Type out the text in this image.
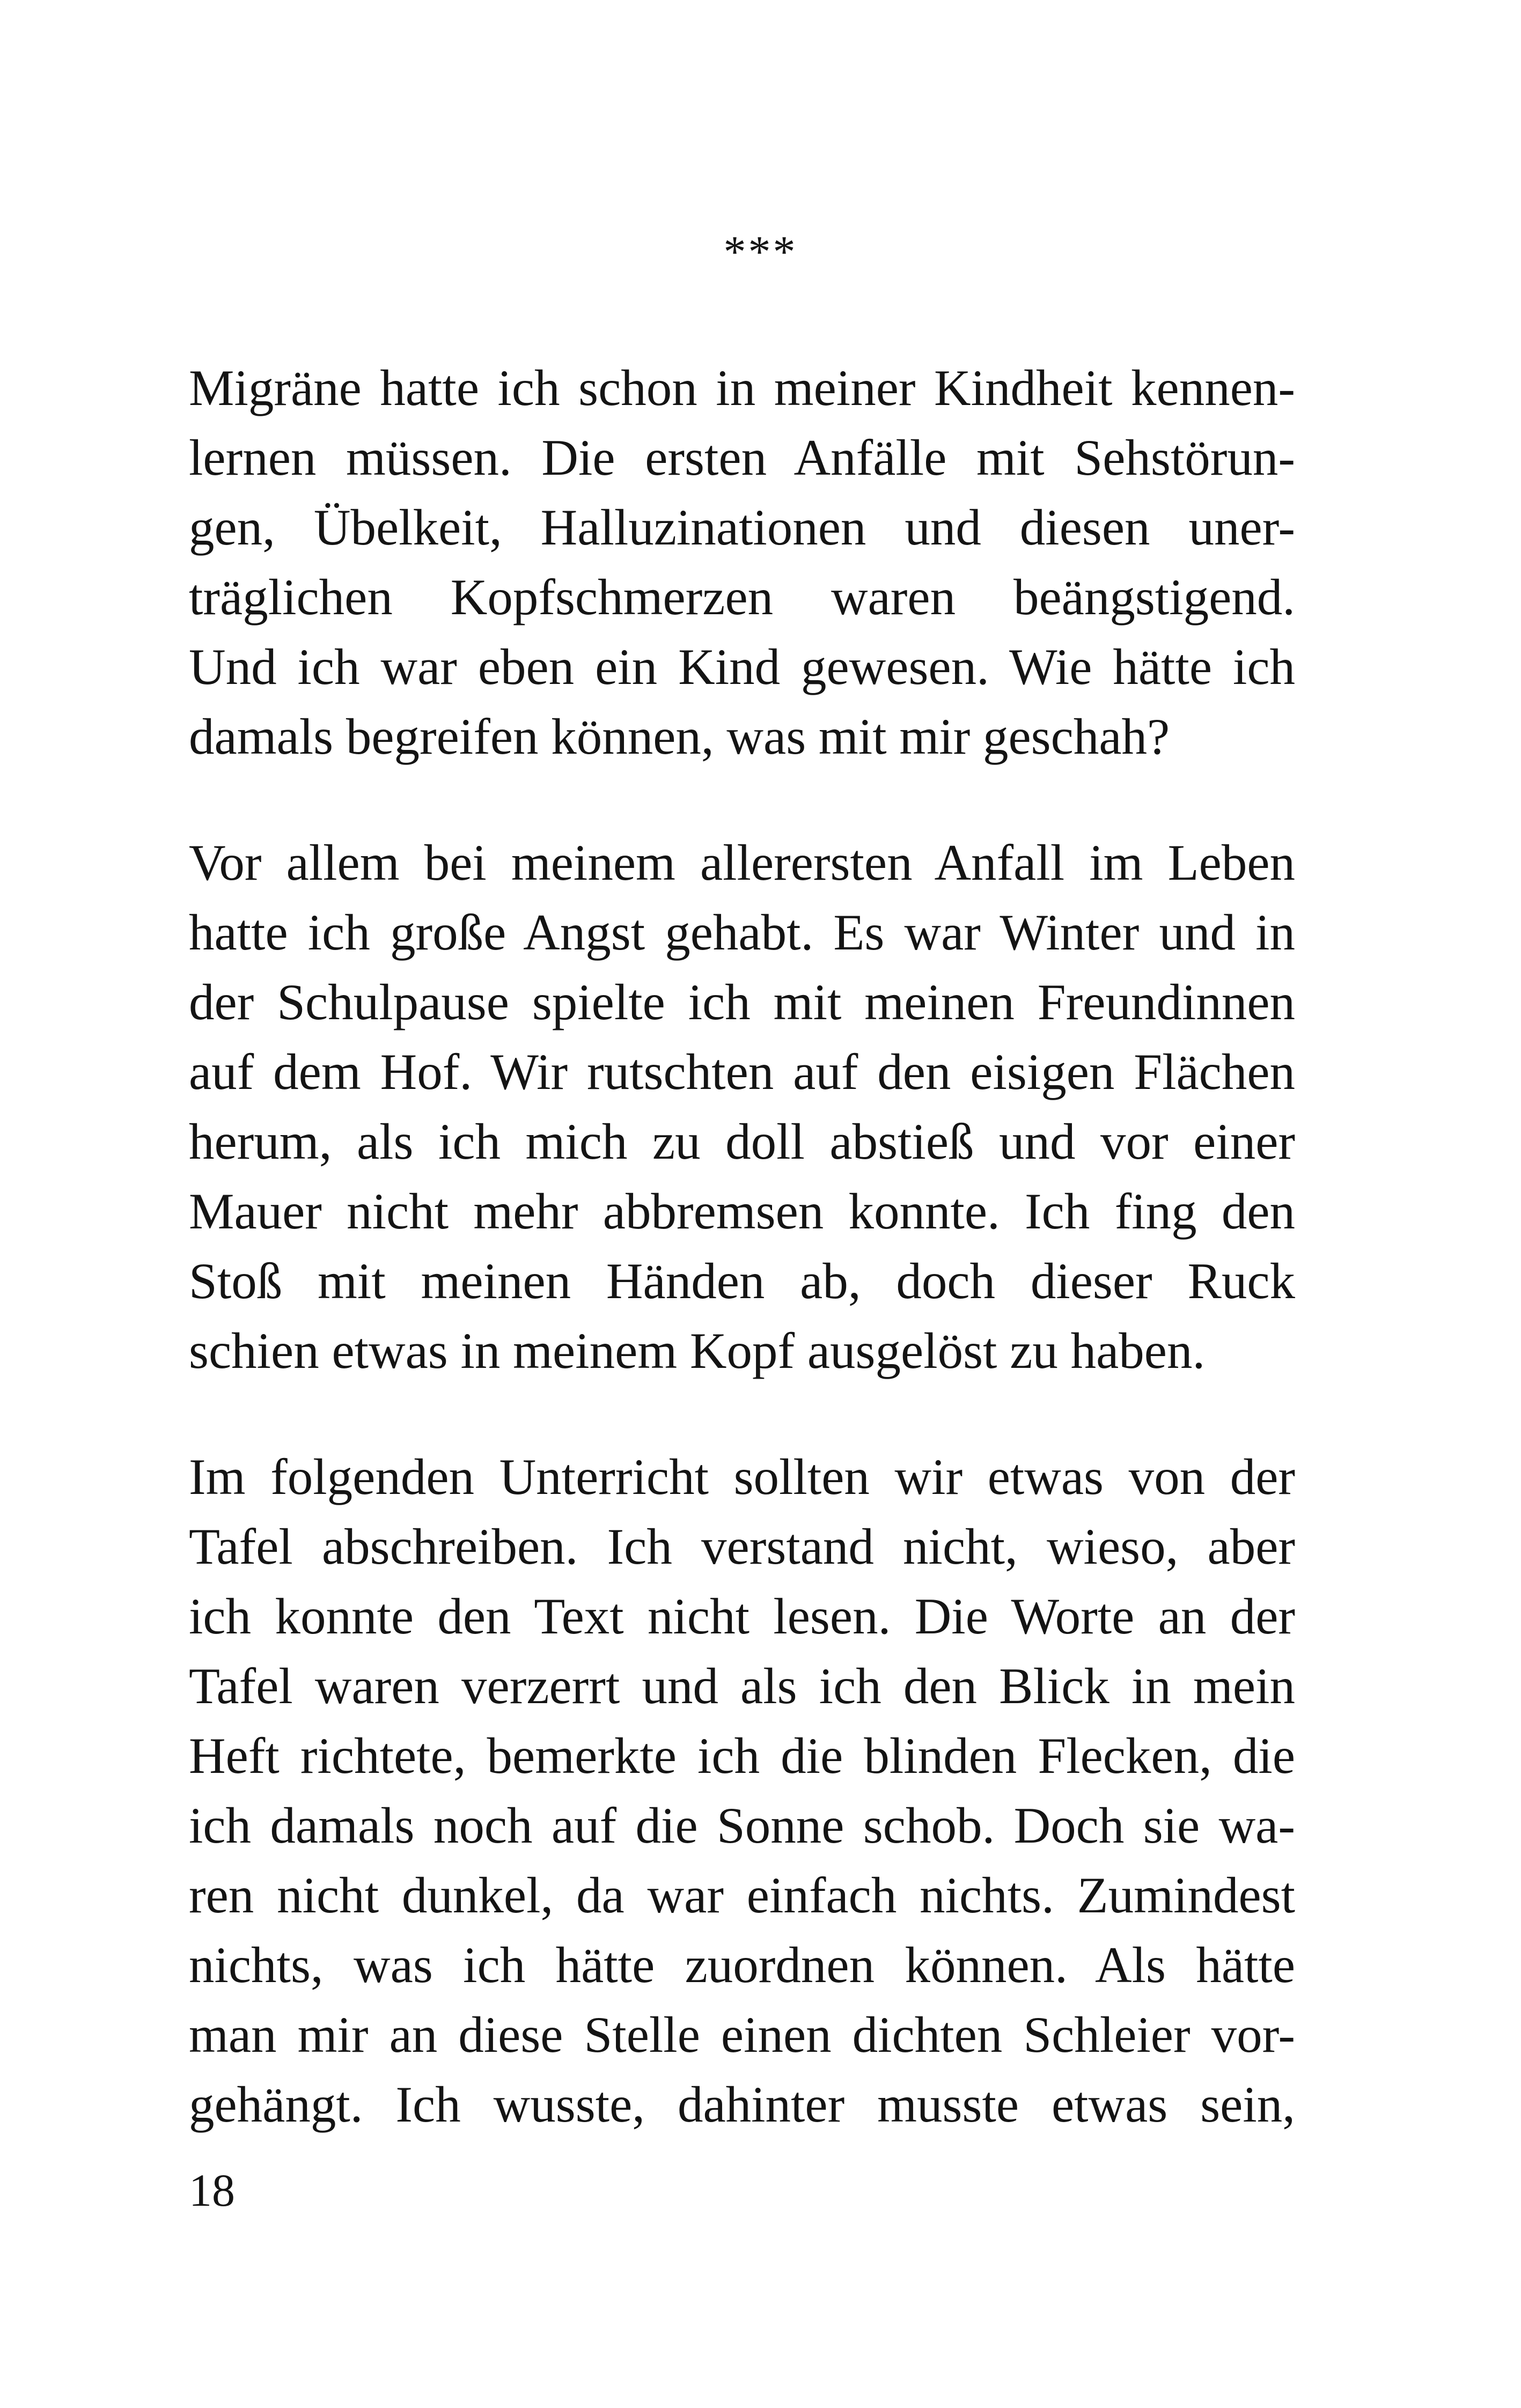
***
Migräne hatte ich schon in meiner Kindheit kennen-
lernen müssen. Die ersten Anfälle mit Sehstörun-
gen, Übelkeit, Halluzinationen und diesen uner-
träglichen Kopfschmerzen waren beängstigend.
Und ich war eben ein Kind gewesen. Wie hätte ich
damals begreifen können, was mit mir geschah?
Vor allem bei meinem allerersten Anfall im Leben
hatte ich große Angst gehabt. Es war Winter und in
der Schulpause spielte ich mit meinen Freundinnen
auf dem Hof. Wir rutschten auf den eisigen Flächen
herum, als ich mich zu doll abstieß und vor einer
Mauer nicht mehr abbremsen konnte. Ich fing den
Stoß mit meinen Händen ab, doch dieser Ruck
schien etwas in meinem Kopf ausgelöst zu haben.
Im folgenden Unterricht sollten wir etwas von der
Tafel abschreiben. Ich verstand nicht, wieso, aber
ich konnte den Text nicht lesen. Die Worte an der
Tafel waren verzerrt und als ich den Blick in mein
Heft richtete, bemerkte ich die blinden Flecken, die
ich damals noch auf die Sonne schob. Doch sie wa-
ren nicht dunkel, da war einfach nichts. Zumindest
nichts, was ich hätte zuordnen können. Als hätte
man mir an diese Stelle einen dichten Schleier vor-
gehängt. Ich wusste, dahinter musste etwas sein,
18
